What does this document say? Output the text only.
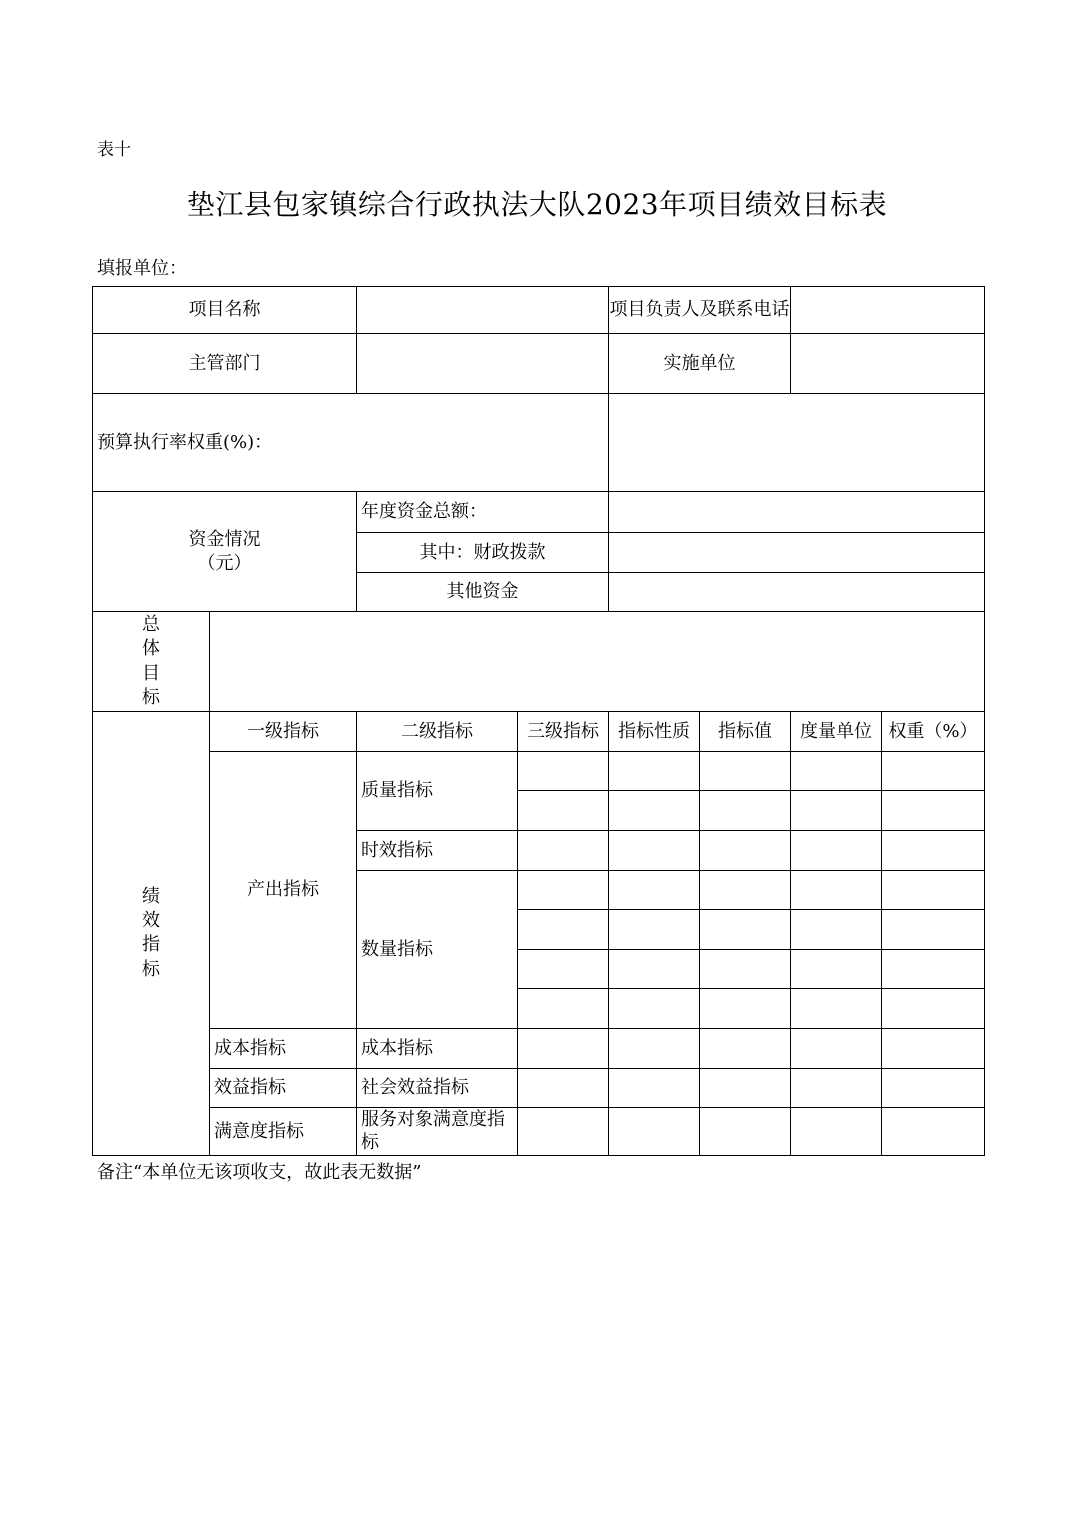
表十
垫江县包家镇综合行政执法大队2023年项目绩效目标表
填报单位：
项目名称				项目负责人及联系电话			
主管部门				实施单位			
预算执行率权重(%)：							

资金情况
（元）		年度资金总额：					
		其中：财政拨款					
		其他资金					

总
体
目
标							

绩
效
指
标	一级指标	二级指标	三级指标	指标性质	指标值	度量单位	权重（%）
	产出指标	质量指标					

		时效指标					
		数量指标					

	成本指标	成本指标					
	效益指标	社会效益指标					
	满意度指标	服务对象满意度指标					
备注“本单位无该项收支，故此表无数据”
